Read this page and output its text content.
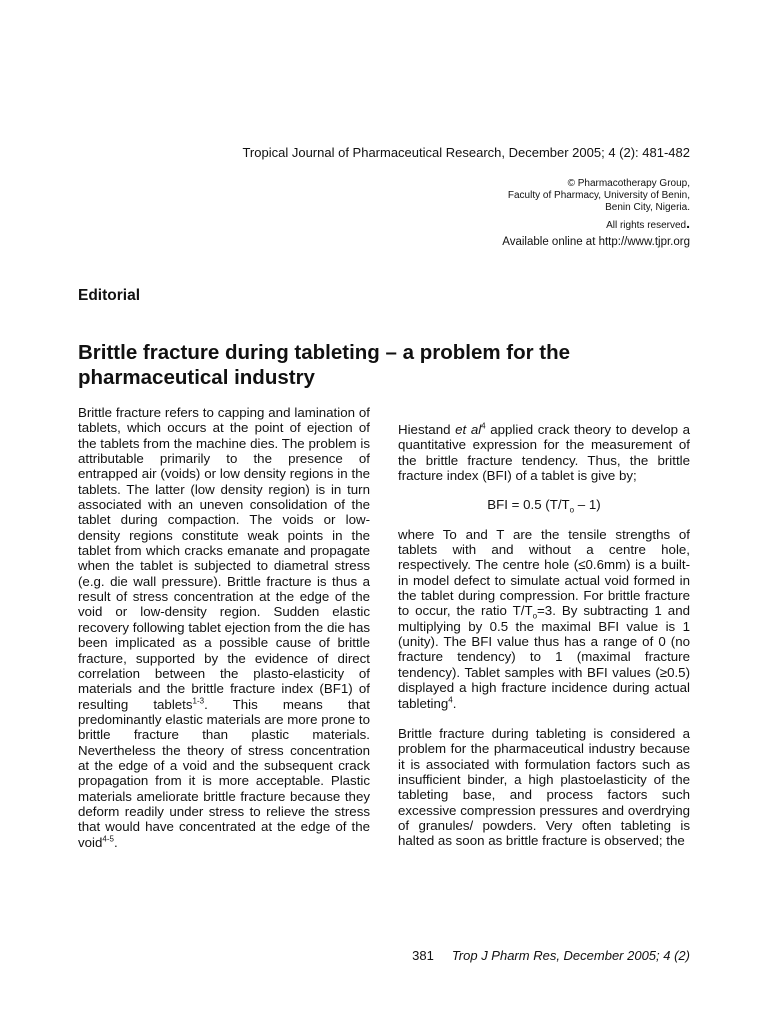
Tropical Journal of Pharmaceutical Research, December 2005; 4 (2): 481-482
© Pharmacotherapy Group,
Faculty of Pharmacy, University of Benin,
Benin City, Nigeria.
All rights reserved.
Available online at http://www.tjpr.org
Editorial
Brittle fracture during tableting – a problem for the pharmaceutical industry

Brittle fracture refers to capping and lamination of tablets, which occurs at the point of ejection of the tablets from the machine dies. The problem is attributable primarily to the presence of entrapped air (voids) or low density regions in the tablets. The latter (low density region) is in turn associated with an uneven consolidation of the tablet during compaction. The voids or low-density regions constitute weak points in the tablet from which cracks emanate and propagate when the tablet is subjected to diametral stress (e.g. die wall pressure). Brittle fracture is thus a result of stress concentration at the edge of the void or low-density region. Sudden elastic recovery following tablet ejection from the die has been implicated as a possible cause of brittle fracture, supported by the evidence of direct correlation between the plasto-elasticity of materials and the brittle fracture index (BF1) of resulting tablets$^{1-3}$. This means that predominantly elastic materials are more prone to brittle fracture than plastic materials. Nevertheless the theory of stress concentration at the edge of a void and the subsequent crack propagation from it is more acceptable. Plastic materials ameliorate brittle fracture because they deform readily under stress to relieve the stress that would have concentrated at the edge of the void$^{4-5}$.

Hiestand et $al^4$ applied crack theory to develop a quantitative expression for the measurement of the brittle fracture tendency. Thus, the brittle fracture index (BFI) of a tablet is give by;

BFI = 0.5 $(T/T_o - 1)$

where To and T are the tensile strengths of tablets with and without a centre hole, respectively. The centre hole (≤0.6mm) is a built-in model defect to simulate actual void formed in the tablet during compression. For brittle fracture to occur, the ratio $T/T_o=3$. By subtracting 1 and multiplying by 0.5 the maximal BFI value is 1 (unity). The BFI value thus has a range of 0 (no fracture tendency) to 1 (maximal fracture tendency). Tablet samples with BFI values (≥0.5) displayed a high fracture incidence during actual tableting$^4$.

Brittle fracture during tableting is considered a problem for the pharmaceutical industry because it is associated with formulation factors such as insufficient binder, a high plastoelasticity of the tableting base, and process factors such excessive compression pressures and overdrying of granules/ powders. Very often tableting is halted as soon as brittle fracture is observed; the

381 Trop J Pharm Res, December 2005; 4 (2)
